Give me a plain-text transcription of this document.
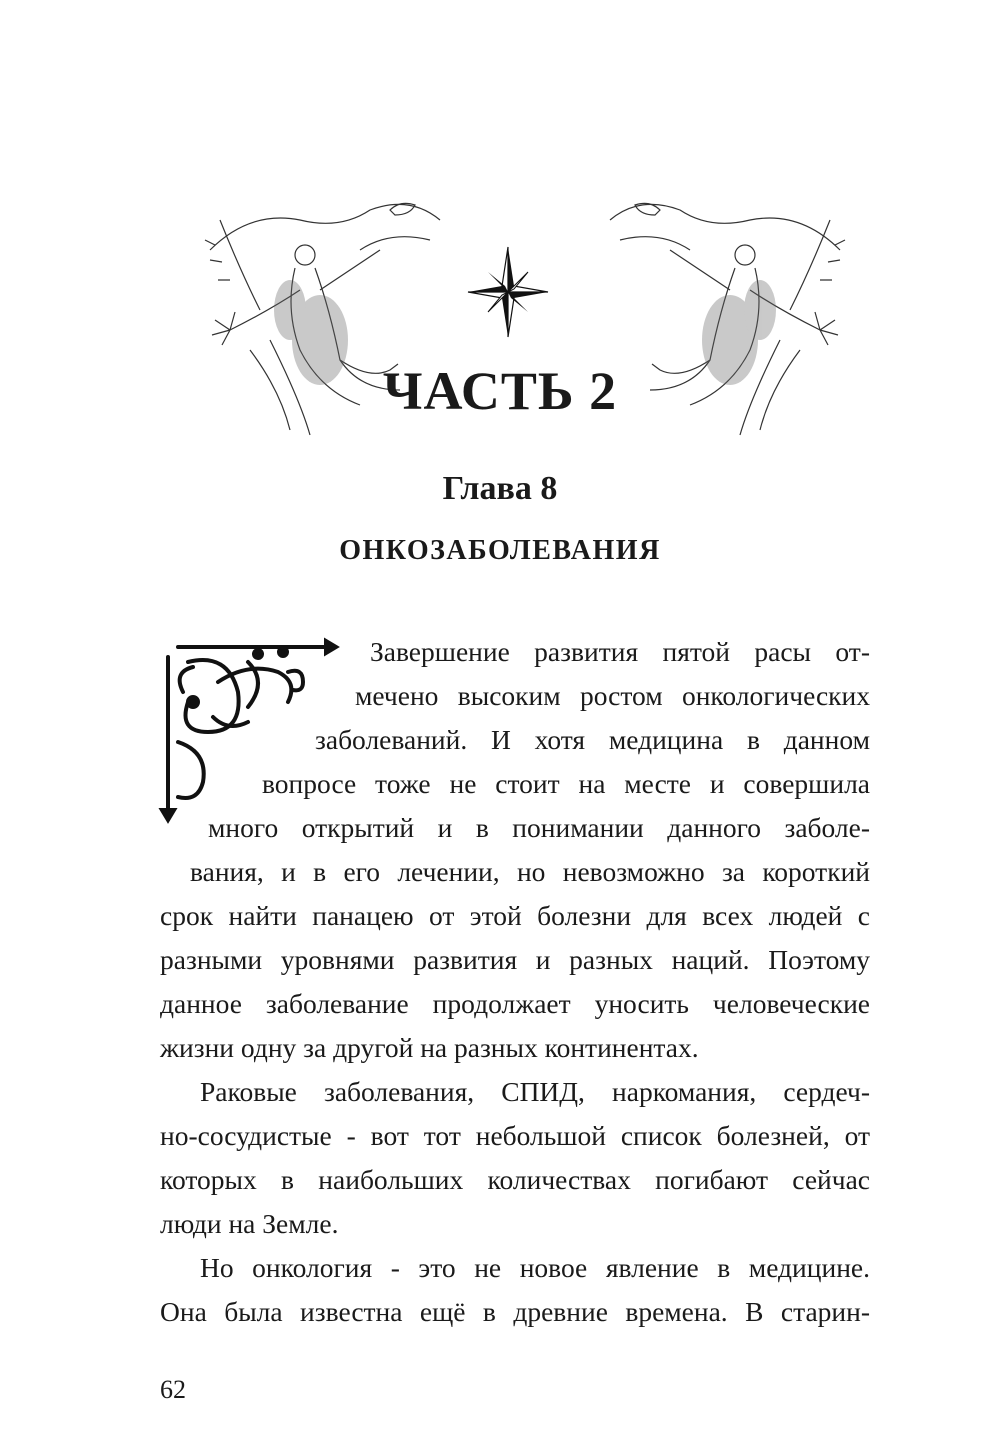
ЧАСТЬ 2
Глава 8
ОНКОЗАБОЛЕВАНИЯ
Завершение развития пятой расы от-
мечено высоким ростом онкологических
заболеваний. И хотя медицина в данном
вопросе тоже не стоит на месте и совершила
много открытий и в понимании данного заболе-
вания, и в его лечении, но невозможно за короткий
срок найти панацею от этой болезни для всех людей с
разными уровнями развития и разных наций. Поэтому
данное заболевание продолжает уносить человеческие
жизни одну за другой на разных континентах.
Раковые заболевания, СПИД, наркомания, сердеч-
но-сосудистые - вот тот небольшой список болезней, от
которых в наибольших количествах погибают сейчас
люди на Земле.
Но онкология - это не новое явление в медицине.
Она была известна ещё в древние времена. В старин-
62
